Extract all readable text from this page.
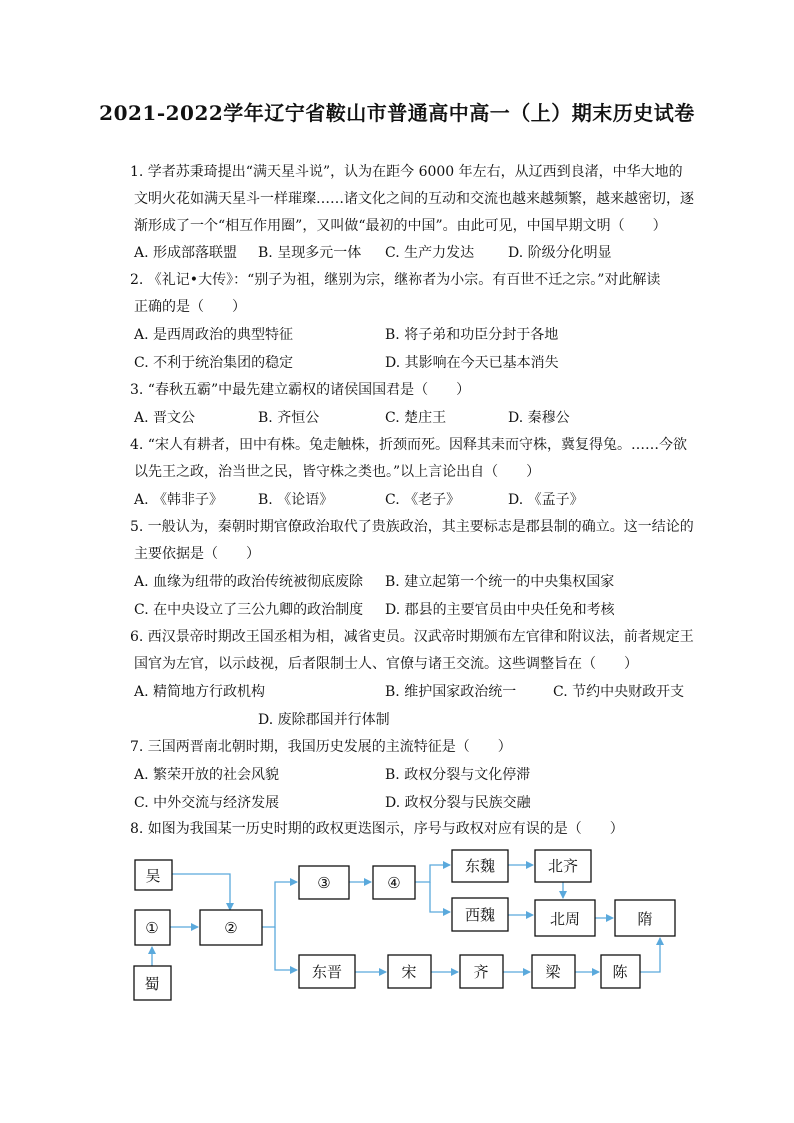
2021-2022学年辽宁省鞍山市普通高中高一（上）期末历史试卷
1. 学者苏秉琦提出“满天星斗说”，认为在距今 6000 年左右，从辽西到良渚，中华大地的
文明火花如满天星斗一样璀璨……诸文化之间的互动和交流也越来越频繁，越来越密切，逐
渐形成了一个“相互作用圈”，又叫做“最初的中国”。由此可见，中国早期文明（　　）
A. 形成部落联盟 B. 呈现多元一体 C. 生产力发达 D. 阶级分化明显
2. 《礼记•大传》：“别子为祖，继别为宗，继祢者为小宗。有百世不迁之宗。”对此解读
正确的是（　　）
A. 是西周政治的典型特征	B. 将子弟和功臣分封于各地
C. 不利于统治集团的稳定	D. 其影响在今天已基本消失
3. “春秋五霸”中最先建立霸权的诸侯国国君是（　　）
A. 晋文公	B. 齐恒公	C. 楚庄王	D. 秦穆公
4. “宋人有耕者，田中有株。兔走触株，折颈而死。因释其耒而守株，冀复得兔。……今欲
以先王之政，治当世之民，皆守株之类也。”以上言论出自（　　）
A. 《韩非子》 B. 《论语》	C. 《老子》	D. 《孟子》
5. 一般认为，秦朝时期官僚政治取代了贵族政治，其主要标志是郡县制的确立。这一结论的
主要依据是（　　）
A. 血缘为纽带的政治传统被彻底废除 B. 建立起第一个统一的中央集权国家
C. 在中央设立了三公九卿的政治制度 D. 郡县的主要官员由中央任免和考核
6. 西汉景帝时期改王国丞相为相，减省吏员。汉武帝时期颁布左官律和附议法，前者规定王
国官为左官，以示歧视，后者限制士人、官僚与诸王交流。这些调整旨在（　　）
A. 精简地方行政机构	B. 维护国家政治统一	C. 节约中央财政开支
D. 废除郡国并行体制
7. 三国两晋南北朝时期，我国历史发展的主流特征是（　　）
A. 繁荣开放的社会风貌	B. 政权分裂与文化停滞
C. 中外交流与经济发展	D. 政权分裂与民族交融
8. 如图为我国某一历史时期的政权更迭图示，序号与政权对应有误的是（　　）
吴
①
蜀
②
③	④
东魏	北齐
西魏	北周	隋
东晋	宋	齐	梁	陈
